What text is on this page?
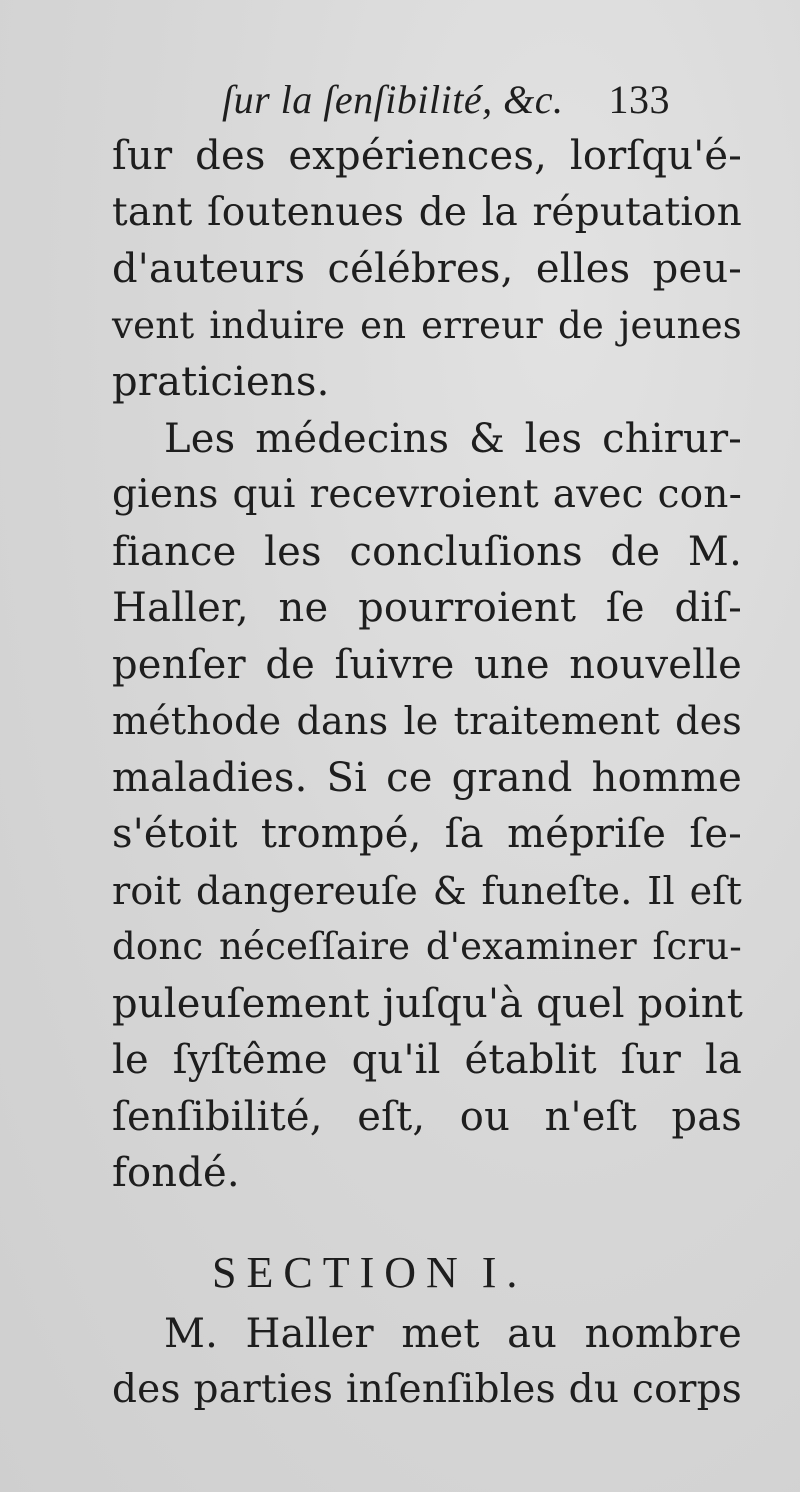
ſur la ſenſibilité, &c. 133
ſur des expériences, lorſqu'é-
tant ſoutenues de la réputation
d'auteurs célébres, elles peu-
vent induire en erreur de jeunes
praticiens.
Les médecins & les chirur-
giens qui recevroient avec con-
fiance les concluſions de M.
Haller, ne pourroient ſe diſ-
penſer de ſuivre une nouvelle
méthode dans le traitement des
maladies. Si ce grand homme
s'étoit trompé, ſa mépriſe ſe-
roit dangereuſe & funeſte. Il eſt
donc néceſſaire d'examiner ſcru-
puleuſement juſqu'à quel point
le ſyſtême qu'il établit ſur la
ſenſibilité, eſt, ou n'eſt pas
fondé.
SECTION I.
M. Haller met au nombre
des parties inſenſibles du corps
